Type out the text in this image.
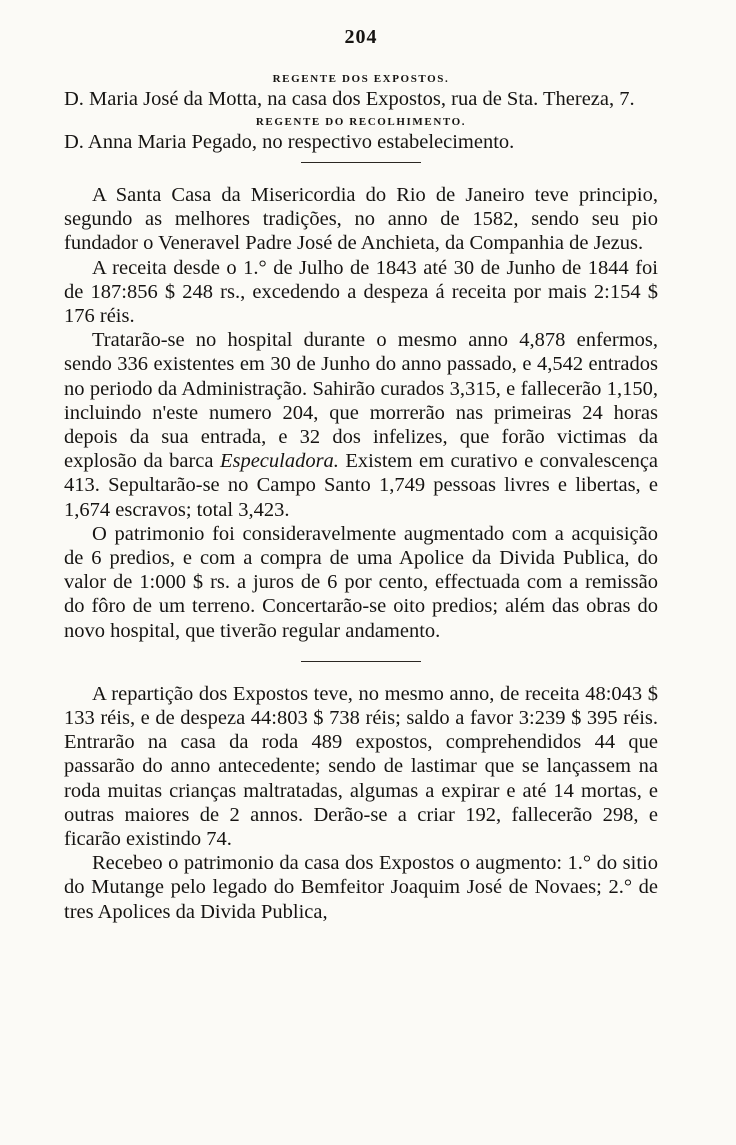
204
REGENTE DOS EXPOSTOS.

D. Maria José da Motta, na casa dos Expostos, rua de Sta. Thereza, 7.

REGENTE DO RECOLHIMENTO.

D. Anna Maria Pegado, no respectivo estabelecimento.

A Santa Casa da Misericordia do Rio de Janeiro teve principio, segundo as melhores tradições, no anno de 1582, sendo seu pio fundador o Veneravel Padre José de Anchieta, da Companhia de Jezus.

A receita desde o 1.° de Julho de 1843 até 30 de Junho de 1844 foi de 187:856 $ 248 rs., excedendo a despeza á receita por mais 2:154 $ 176 réis.

Tratarão-se no hospital durante o mesmo anno 4,878 enfermos, sendo 336 existentes em 30 de Junho do anno passado, e 4,542 entrados no periodo da Administração. Sahirão curados 3,315, e fallecerão 1,150, incluindo n'este numero 204, que morrerão nas primeiras 24 horas depois da sua entrada, e 32 dos infelizes, que forão victimas da explosão da barca Especuladora. Existem em curativo e convalescença 413. Sepultarão-se no Campo Santo 1,749 pessoas livres e libertas, e 1,674 escravos; total 3,423.

O patrimonio foi consideravelmente augmentado com a acquisição de 6 predios, e com a compra de uma Apolice da Divida Publica, do valor de 1:000 $ rs. a juros de 6 por cento, effectuada com a remissão do fôro de um terreno. Concertarão-se oito predios; além das obras do novo hospital, que tiverão regular andamento.

A repartição dos Expostos teve, no mesmo anno, de receita 48:043 $ 133 réis, e de despeza 44:803 $ 738 réis; saldo a favor 3:239 $ 395 réis. Entrarão na casa da roda 489 expostos, comprehendidos 44 que passarão do anno antecedente; sendo de lastimar que se lançassem na roda muitas crianças maltratadas, algumas a expirar e até 14 mortas, e outras maiores de 2 annos. Derão-se a criar 192, fallecerão 298, e ficarão existindo 74.

Recebeo o patrimonio da casa dos Expostos o augmento: 1.° do sitio do Mutange pelo legado do Bemfeitor Joaquim José de Novaes; 2.° de tres Apolices da Divida Publica,
